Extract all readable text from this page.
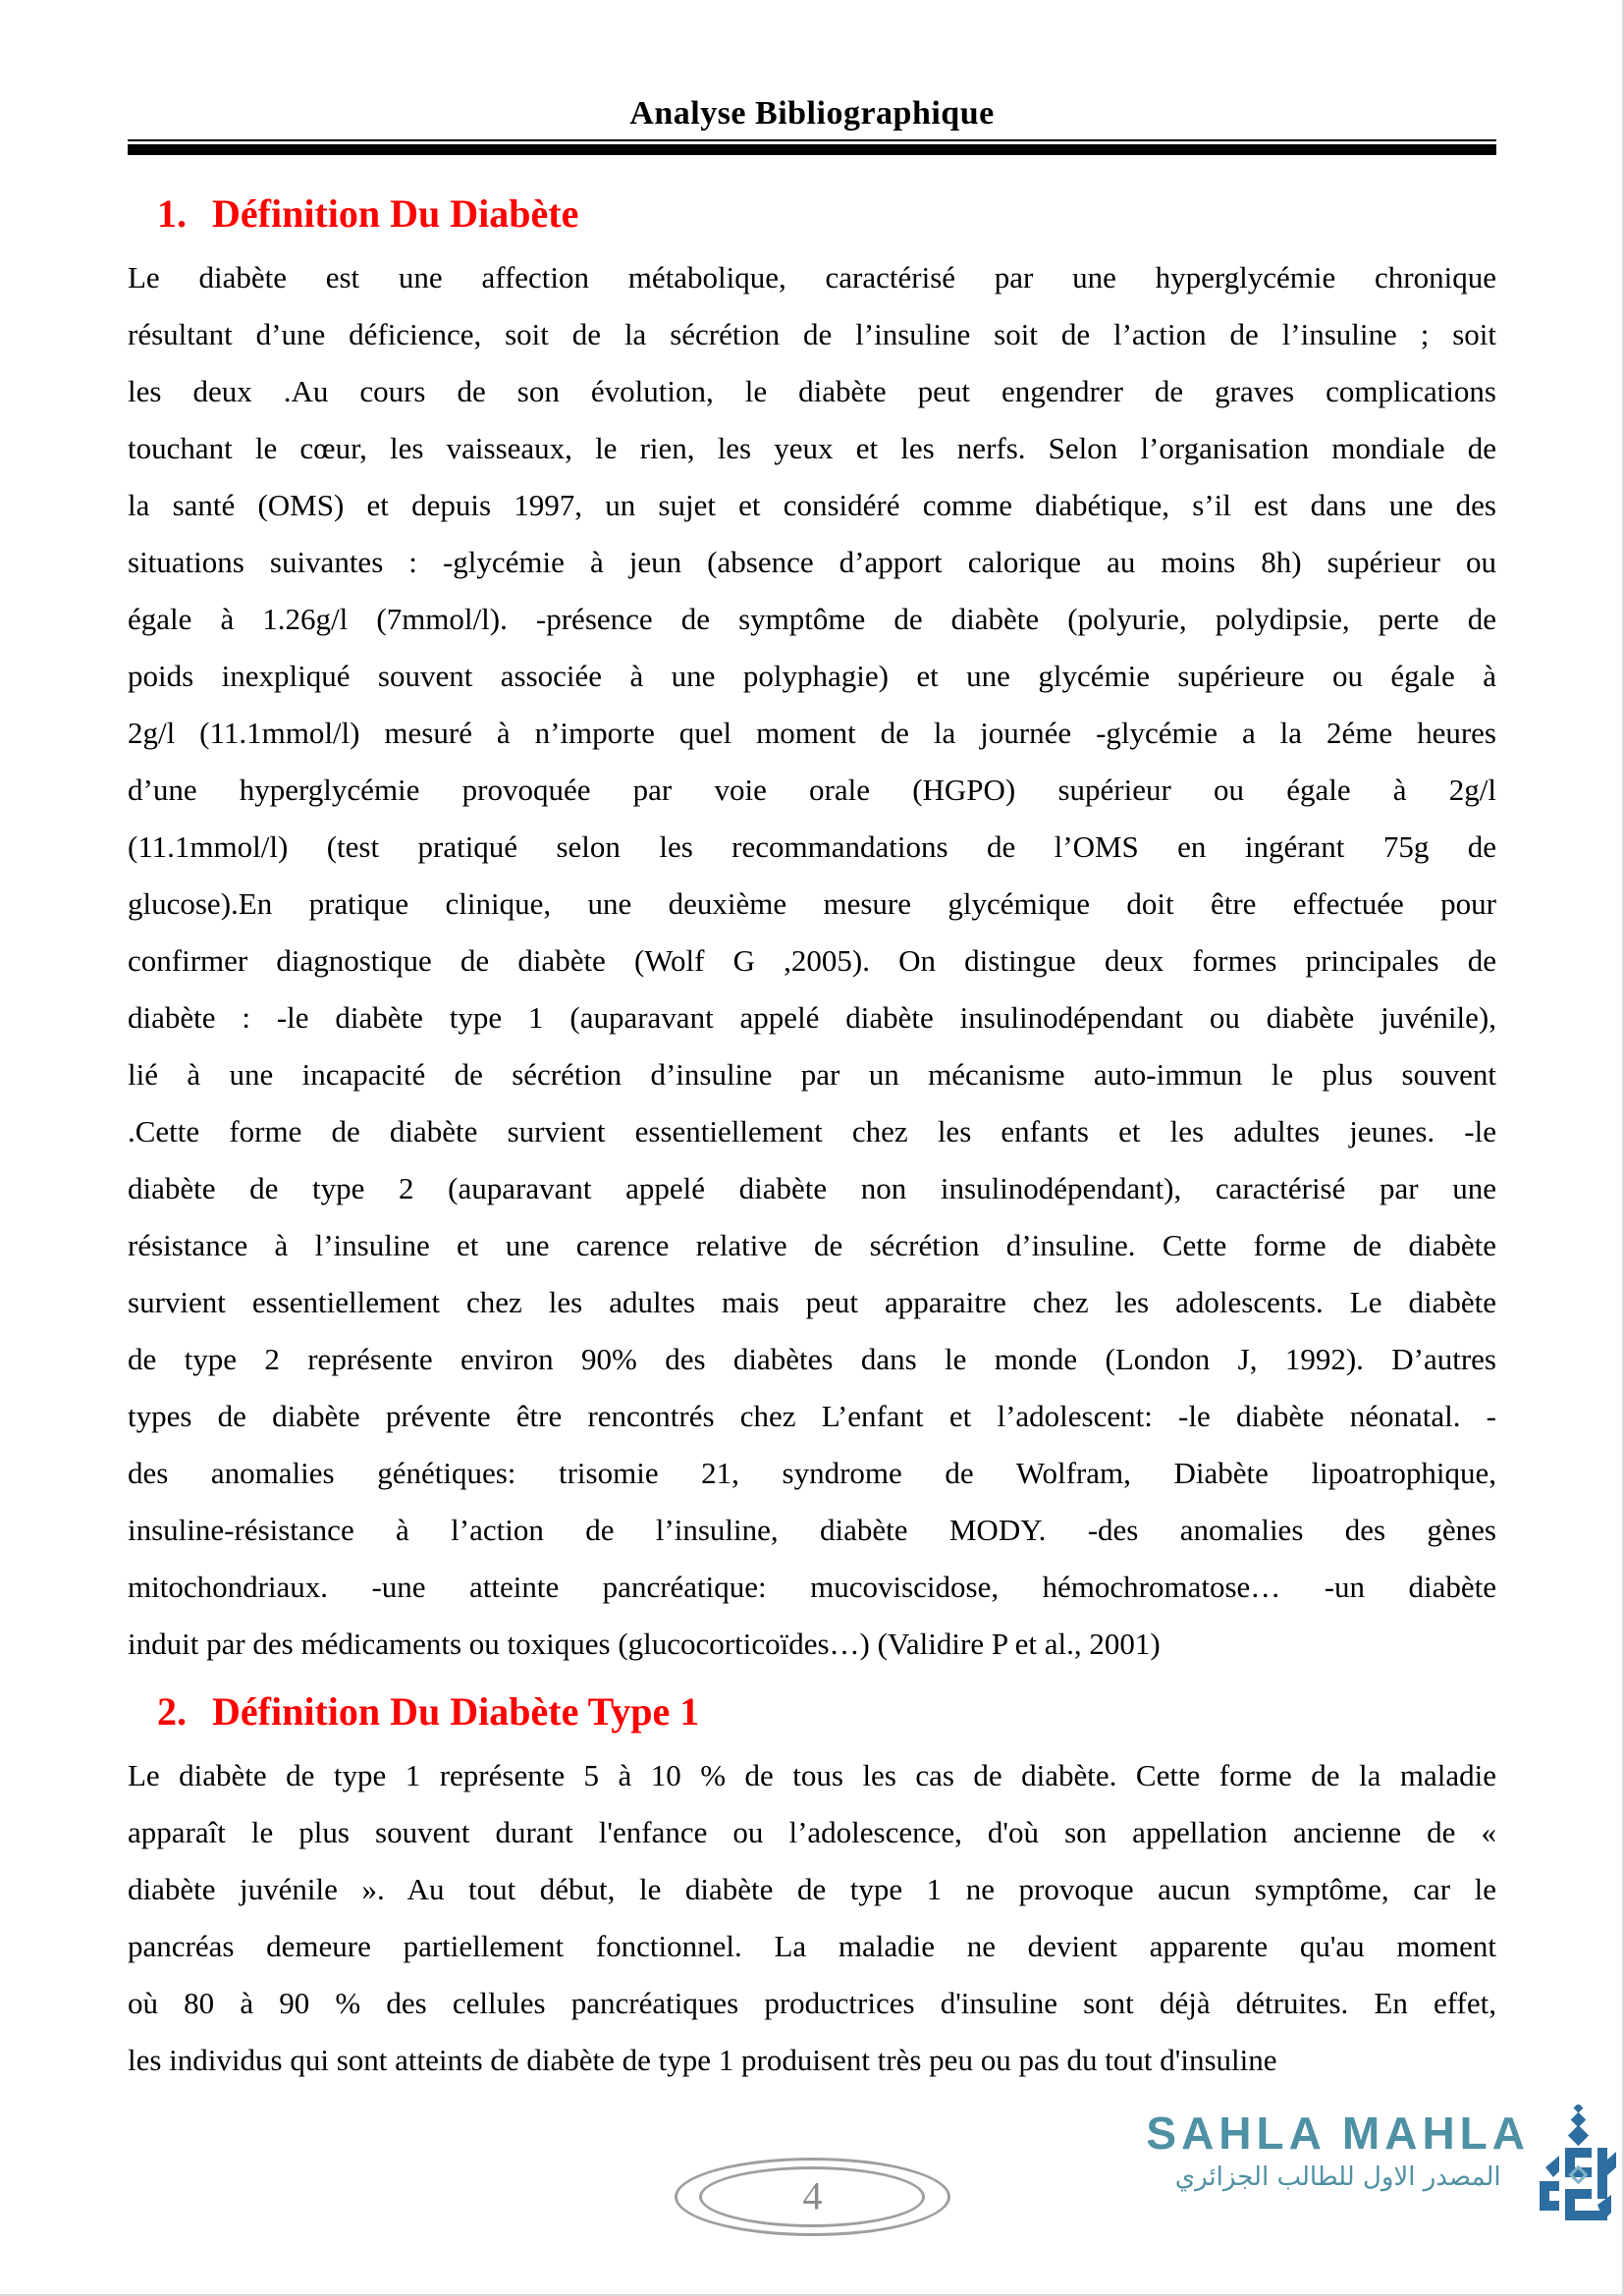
Analyse Bibliographique
1. Définition Du Diabète
Le diabète est une affection métabolique, caractérisé par une hyperglycémie chronique
résultant d’une déficience, soit de la sécrétion de l’insuline soit de l’action de l’insuline ; soit
les deux .Au cours de son évolution, le diabète peut engendrer de graves complications
touchant le cœur, les vaisseaux, le rien, les yeux et les nerfs. Selon l’organisation mondiale de
la santé (OMS) et depuis 1997, un sujet et considéré comme diabétique, s’il est dans une des
situations suivantes : -glycémie à jeun (absence d’apport calorique au moins 8h) supérieur ou
égale à 1.26g/l (7mmol/l). -présence de symptôme de diabète (polyurie, polydipsie, perte de
poids inexpliqué souvent associée à une polyphagie) et une glycémie supérieure ou égale à
2g/l (11.1mmol/l) mesuré à n’importe quel moment de la journée -glycémie a la 2éme heures
d’une hyperglycémie provoquée par voie orale (HGPO) supérieur ou égale à 2g/l
(11.1mmol/l) (test pratiqué selon les recommandations de l’OMS en ingérant 75g de
glucose).En pratique clinique, une deuxième mesure glycémique doit être effectuée pour
confirmer diagnostique de diabète (Wolf G ,2005). On distingue deux formes principales de
diabète : -le diabète type 1 (auparavant appelé diabète insulinodépendant ou diabète juvénile),
lié à une incapacité de sécrétion d’insuline par un mécanisme auto-immun le plus souvent
.Cette forme de diabète survient essentiellement chez les enfants et les adultes jeunes. -le
diabète de type 2 (auparavant appelé diabète non insulinodépendant), caractérisé par une
résistance à l’insuline et une carence relative de sécrétion d’insuline. Cette forme de diabète
survient essentiellement chez les adultes mais peut apparaitre chez les adolescents. Le diabète
de type 2 représente environ 90% des diabètes dans le monde (London J, 1992). D’autres
types de diabète prévente être rencontrés chez L’enfant et l’adolescent: -le diabète néonatal. -
des anomalies génétiques: trisomie 21, syndrome de Wolfram, Diabète lipoatrophique,
insuline-résistance à l’action de l’insuline, diabète MODY. -des anomalies des gènes
mitochondriaux. -une atteinte pancréatique: mucoviscidose, hémochromatose… -un diabète
induit par des médicaments ou toxiques (glucocorticoïdes…) (Validire P et al., 2001)
2. Définition Du Diabète Type 1
Le diabète de type 1 représente 5 à 10 % de tous les cas de diabète. Cette forme de la maladie
apparaît le plus souvent durant l'enfance ou l’adolescence, d'où son appellation ancienne de «
diabète juvénile ». Au tout début, le diabète de type 1 ne provoque aucun symptôme, car le
pancréas demeure partiellement fonctionnel. La maladie ne devient apparente qu'au moment
où 80 à 90 % des cellules pancréatiques productrices d'insuline sont déjà détruites. En effet,
les individus qui sont atteints de diabète de type 1 produisent très peu ou pas du tout d'insuline
4
SAHLA MAHLA
المصدر الاول للطالب الجزائري
